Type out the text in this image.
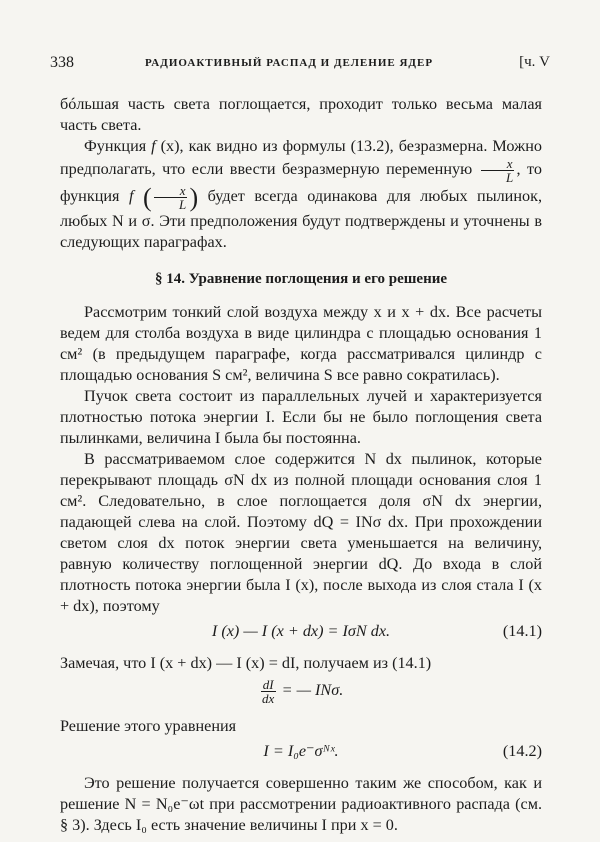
338	РАДИОАКТИВНЫЙ РАСПАД И ДЕЛЕНИЕ ЯДЕР	[ч. V

бóльшая часть света поглощается, проходит только весьма малая часть света.

Функция f (x), как видно из формулы (13.2), безразмерна. Можно предполагать, что если ввести безразмерную переменную $\frac{x}{L}$ , то функция f ( $\frac{x}{L}$ ) будет всегда одинакова для любых пылинок, любых N и σ. Эти предположения будут подтверждены и уточнены в следующих параграфах.

§ 14. Уравнение поглощения и его решение

Рассмотрим тонкий слой воздуха между x и x + dx. Все расчеты ведем для столба воздуха в виде цилиндра с площадью основания 1 см² (в предыдущем параграфе, когда рассматривался цилиндр с площадью основания S см², величина S все равно сократилась).

Пучок света состоит из параллельных лучей и характеризуется плотностью потока энергии I. Если бы не было поглощения света пылинками, величина I была бы постоянна.

В рассматриваемом слое содержится N dx пылинок, которые перекрывают площадь σN dx из полной площади основания слоя 1 см². Следовательно, в слое поглощается доля σN dx энергии, падающей слева на слой. Поэтому dQ = INσ dx. При прохождении светом слоя dx поток энергии света уменьшается на величину, равную количеству поглощенной энергии dQ. До входа в слой плотность потока энергии была I (x), после выхода из слоя стала I (x + dx), поэтому

I (x) — I (x + dx) = IσN dx.	(14.1)

Замечая, что I (x + dx) — I (x) = dI, получаем из (14.1)

$\frac{dI}{dx}$ = — INσ.

Решение этого уравнения

I = I₀e⁻σᴺˣ.	(14.2)

Это решение получается совершенно таким же способом, как и решение N = N₀e⁻ωt при рассмотрении радиоактивного распада (см. § 3). Здесь I₀ есть значение величины I при x = 0.
